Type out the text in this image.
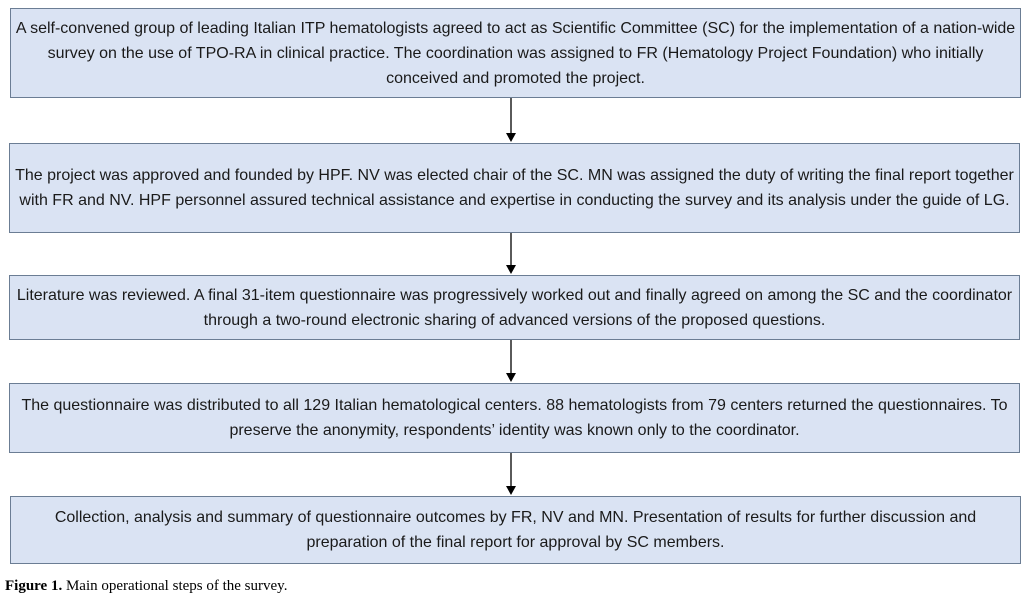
A self-convened group of leading Italian ITP hematologists agreed to act as Scientific Committee (SC) for the implementation of a nation-wide survey on the use of TPO-RA in clinical practice. The coordination was assigned to FR (Hematology Project Foundation) who initially conceived and promoted the project.
The project was approved and founded by HPF. NV was elected chair of the SC. MN was assigned the duty of writing the final report together with FR and NV. HPF personnel assured technical assistance and expertise in conducting the survey and its analysis under the guide of LG.
Literature was reviewed. A final 31-item questionnaire was progressively worked out and finally agreed on among the SC and the coordinator through a two-round electronic sharing of advanced versions of the proposed questions.
The questionnaire was distributed to all 129 Italian hematological centers. 88 hematologists from 79 centers returned the questionnaires. To preserve the anonymity, respondents’ identity was known only to the coordinator.
Collection, analysis and summary of questionnaire outcomes by FR, NV and MN. Presentation of results for further discussion and preparation of the final report for approval by SC members.
Figure 1. Main operational steps of the survey.
